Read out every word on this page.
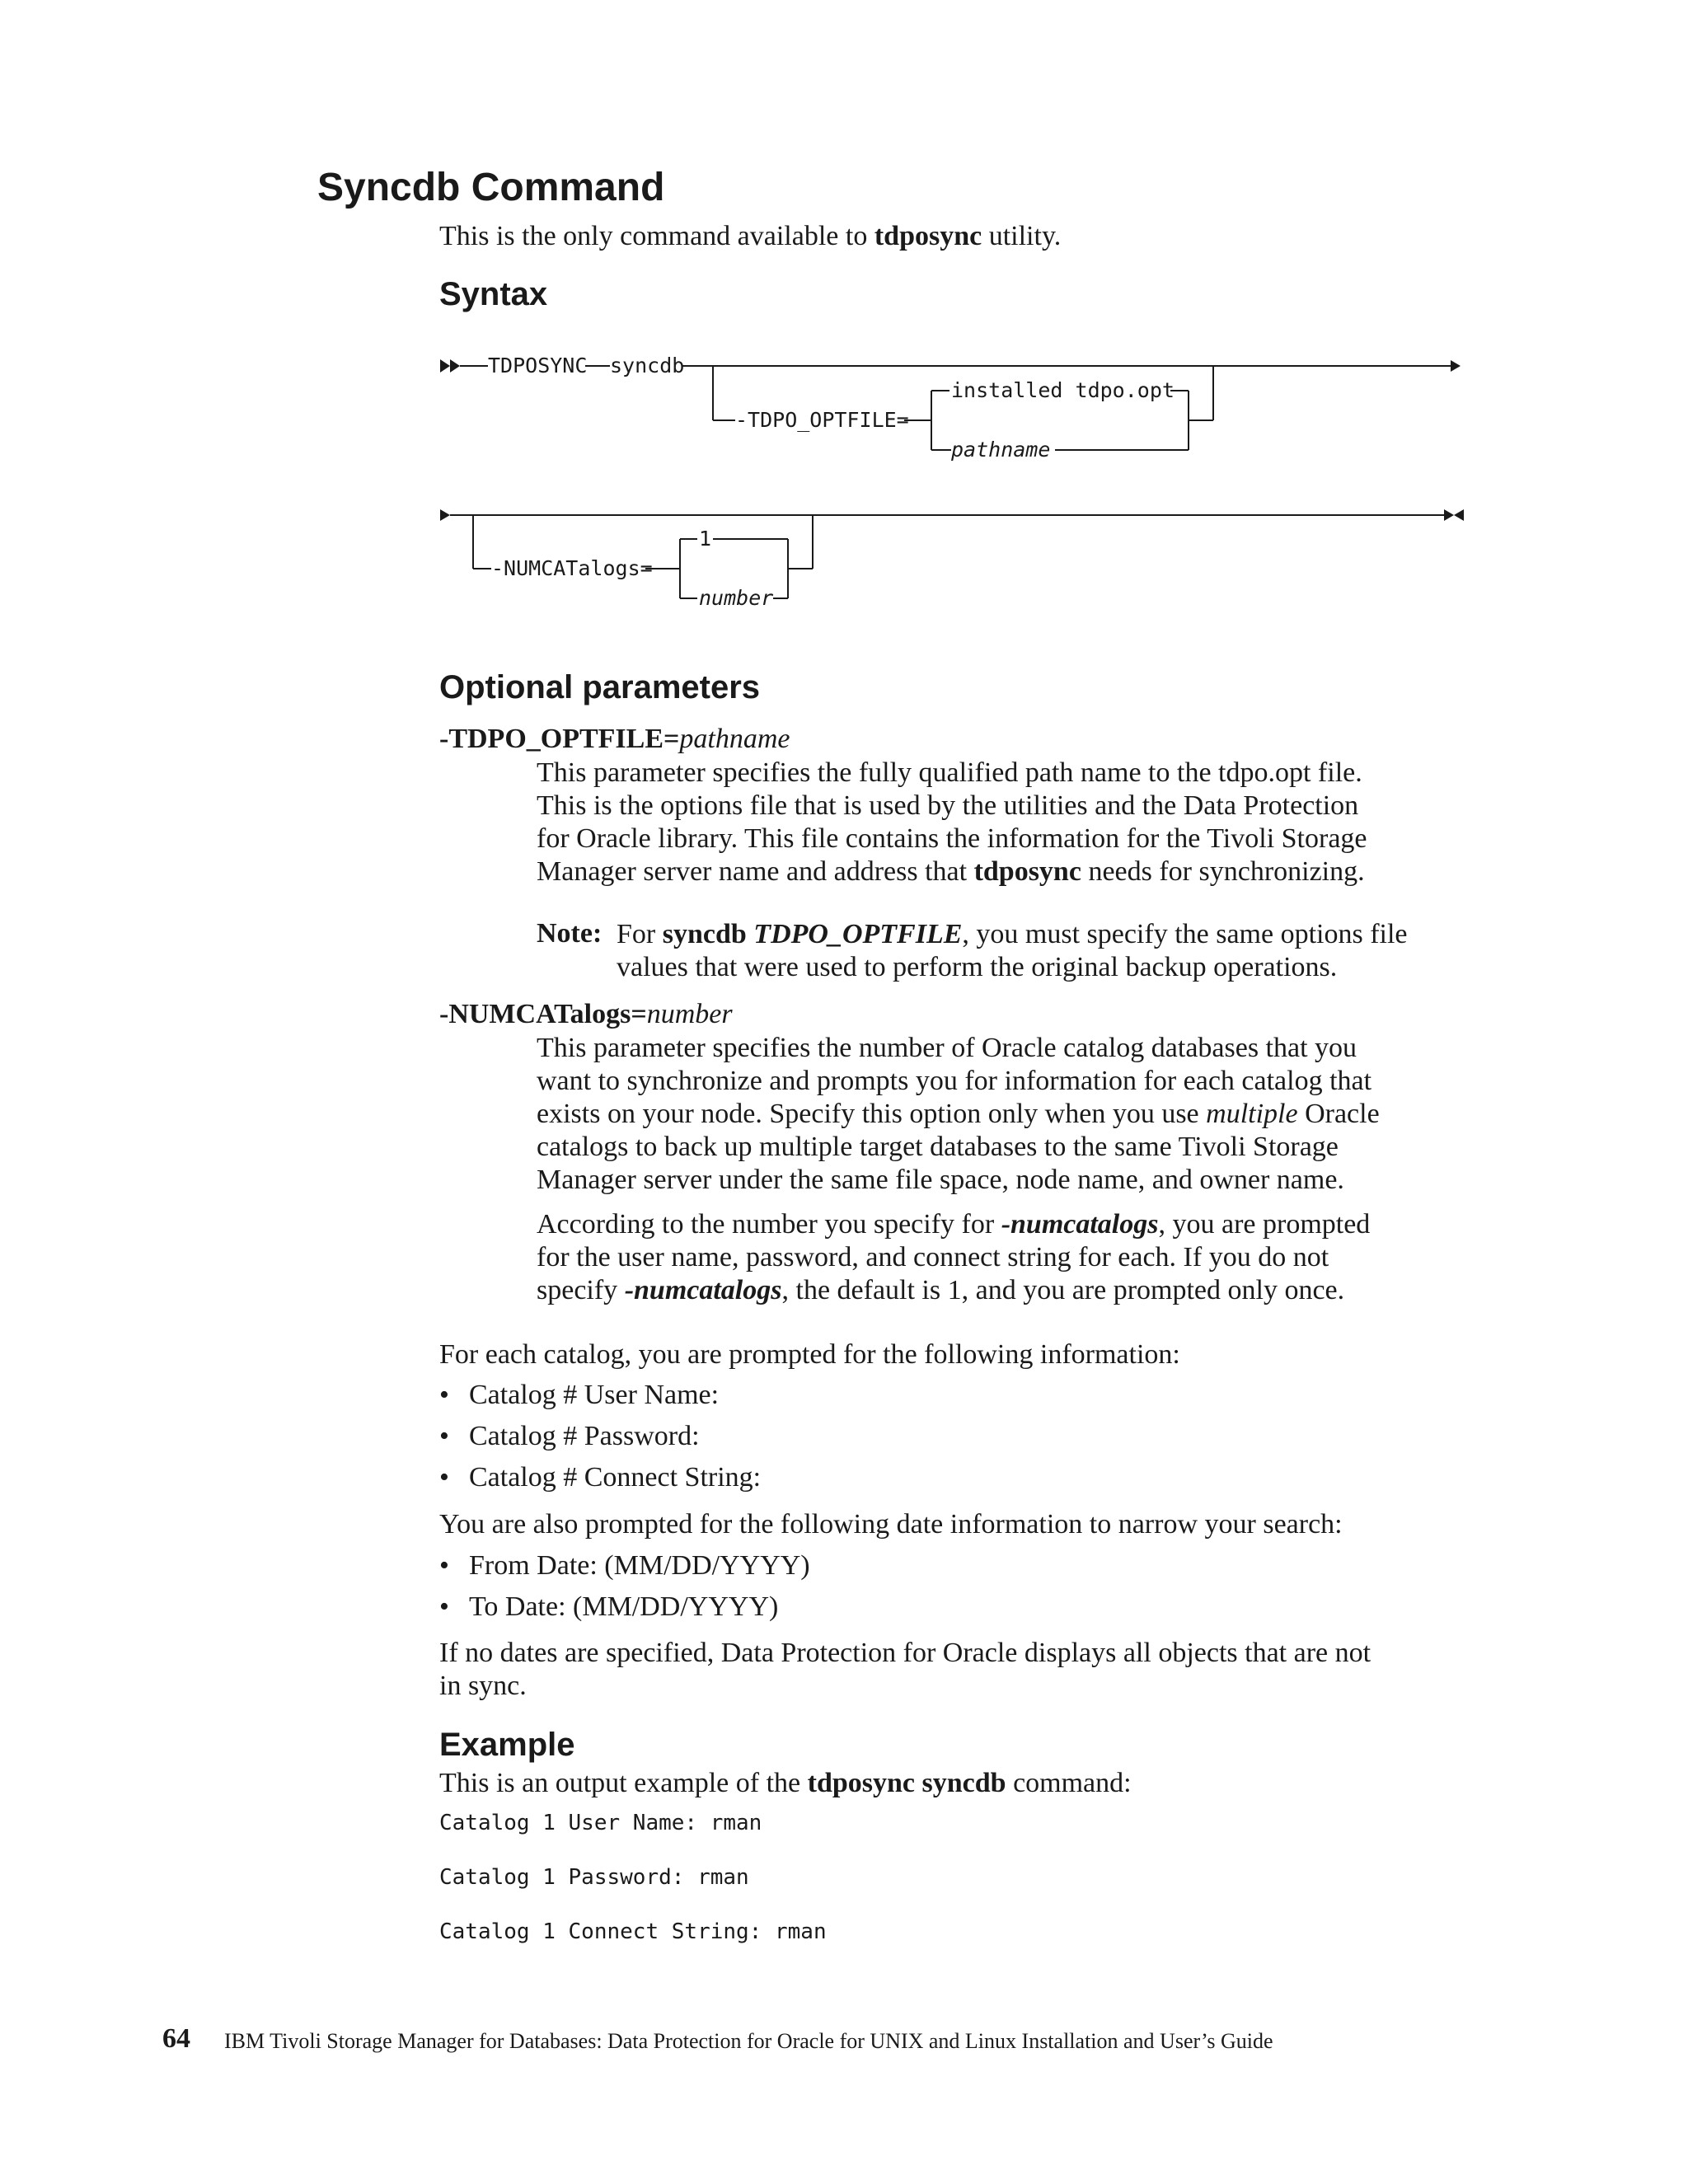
Syncdb Command

This is the only command available to tdposync utility.

Syntax
TDPOSYNC syncdb
-TDPO_OPTFILE=
installed tdpo.opt
pathname
-NUMCATalogs=
1
number
Optional parameters

-TDPO_OPTFILE=pathname

This parameter specifies the fully qualified path name to the tdpo.opt file.
This is the options file that is used by the utilities and the Data Protection
for Oracle library. This file contains the information for the Tivoli Storage
Manager server name and address that tdposync needs for synchronizing.
Note: For syncdb TDPO_OPTFILE, you must specify the same options file
values that were used to perform the original backup operations.

-NUMCATalogs=number

This parameter specifies the number of Oracle catalog databases that you
want to synchronize and prompts you for information for each catalog that
exists on your node. Specify this option only when you use multiple Oracle
catalogs to back up multiple target databases to the same Tivoli Storage
Manager server under the same file space, node name, and owner name.
According to the number you specify for -numcatalogs, you are prompted
for the user name, password, and connect string for each. If you do not
specify -numcatalogs, the default is 1, and you are prompted only once.

For each catalog, you are prompted for the following information:

• Catalog # User Name:
• Catalog # Password:
• Catalog # Connect String:

You are also prompted for the following date information to narrow your search:

• From Date: (MM/DD/YYYY)
• To Date: (MM/DD/YYYY)
If no dates are specified, Data Protection for Oracle displays all objects that are not
in sync.
Example

This is an output example of the tdposync syncdb command:

Catalog 1 User Name: rman
Catalog 1 Password: rman
Catalog 1 Connect String: rman
64 IBM Tivoli Storage Manager for Databases: Data Protection for Oracle for UNIX and Linux Installation and User’s Guide
